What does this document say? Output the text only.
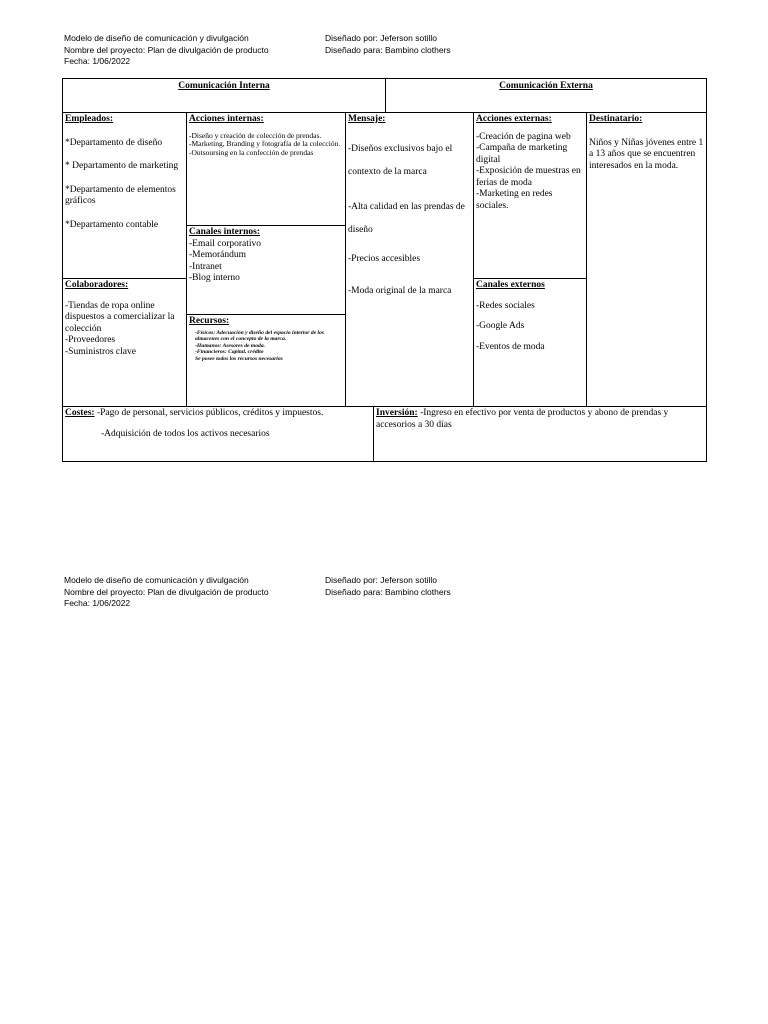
Modelo de diseño de comunicación y divulgación	Diseñado por: Jeferson sotillo
Nombre del proyecto: Plan de divulgación de producto	Diseñado para: Bambino clothers
Fecha: 1/06/2022
Comunicación Interna	Comunicación Externa
Empleados:
*Departamento de diseño
* Departamento de marketing
*Departamento de elementos gráficos
*Departamento contable
Colaboradores:
-Tiendas de ropa online dispuestos a comercializar la colección
-Proveedores
-Suministros clave
Acciones internas:
-Diseño y creación de colección de prendas.
-Marketing, Branding y fotografía de la colección.
-Outsoursing en la confección de prendas
Canales internos:
-Email corporativo
-Memorándum
-Intranet
-Blog interno
Recursos:
-Físicos: Adecuación y diseño del espacio interior de los almacenes con el concepto de la marca.
-Humanos: Asesores de moda.
-Financieros: Capital, crédito
Se posee todos los recursos necesarios
Mensaje:
-Diseños exclusivos bajo el contexto de la marca
-Alta calidad en las prendas de diseño
-Precios accesibles
-Moda original de la marca
Acciones externas:
-Creación de pagina web
-Campaña de marketing digital
-Exposición de muestras en ferias de moda
-Marketing en redes sociales.
Canales externos
-Redes sociales
-Google Ads
-Eventos de moda
Destinatario:
Niños y Niñas jóvenes entre 1 a 13 años que se encuentren interesados en la moda.
Costes: -Pago de personal, servicios públicos, créditos y impuestos.
-Adquisición de todos los activos necesarios
Inversión: -Ingreso en efectivo por venta de productos y abono de prendas y accesorios a 30 días
Modelo de diseño de comunicación y divulgación	Diseñado por: Jeferson sotillo
Nombre del proyecto: Plan de divulgación de producto	Diseñado para: Bambino clothers
Fecha: 1/06/2022
